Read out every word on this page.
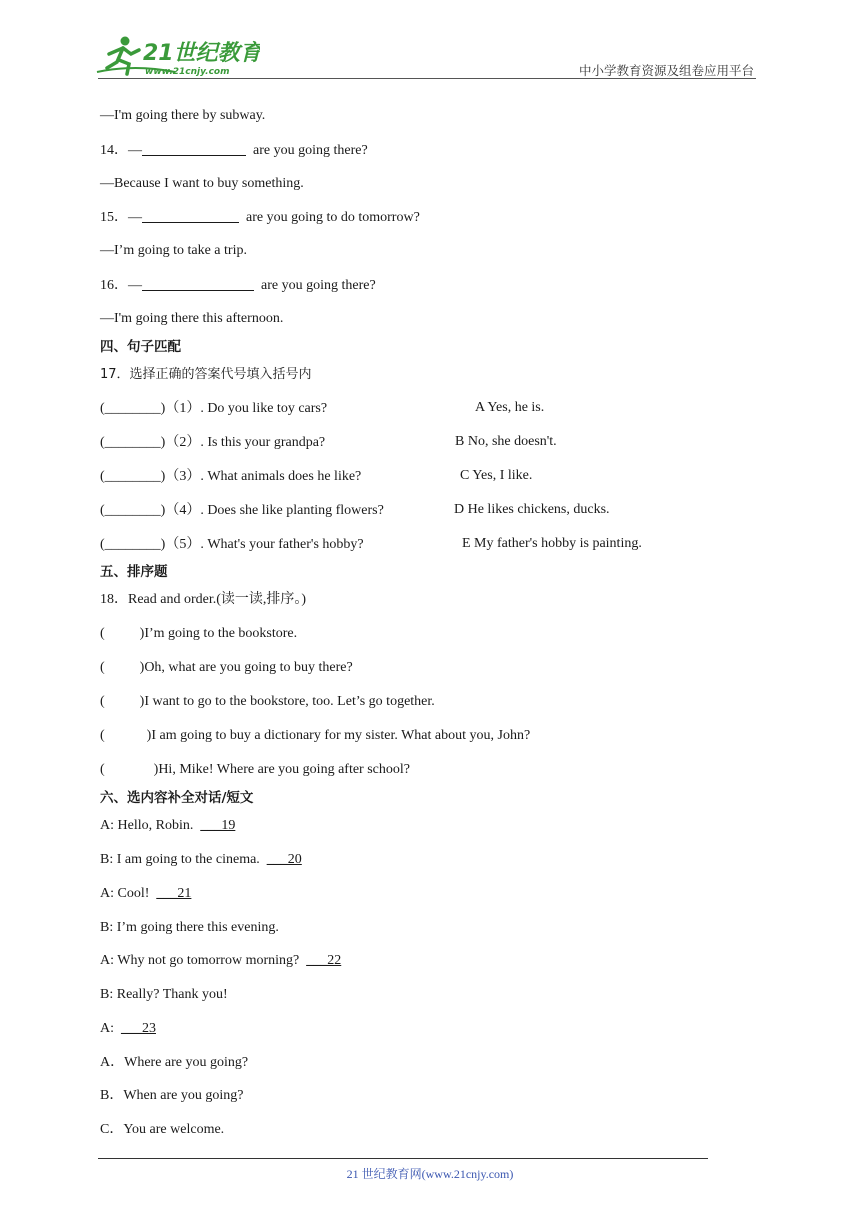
21世纪教育
www.21cnjy.com	中小学教育资源及组卷应用平台
—I'm going there by subway.
14．—	are you going there?
—Because I want to buy something.
15．—	are you going to do tomorrow?
—I’m going to take a trip.
16．—	are you going there?
—I'm going there this afternoon.
四、句子匹配
17．选择正确的答案代号填入括号内
(________)（1）. Do you like toy cars?	A Yes, he is.
(________)（2）. Is this your grandpa?	B No, she doesn't.
(________)（3）. What animals does he like?	C Yes, I like.
(________)（4）. Does she like planting flowers?	D He likes chickens, ducks.
(________)（5）. What's your father's hobby?	E My father's hobby is painting.
五、排序题
18．Read and order.(读一读,排序。)
(          )I’m going to the bookstore.
(          )Oh, what are you going to buy there?
(          )I want to go to the bookstore, too. Let’s go together.
(            )I am going to buy a dictionary for my sister. What about you, John?
(              )Hi, Mike! Where are you going after school?
六、选内容补全对话/短文
A: Hello, Robin.  ___19
B: I am going to the cinema.  ___20
A: Cool!  ___21
B: I’m going there this evening.
A: Why not go tomorrow morning?  ___22
B: Really? Thank you!
A:  ___23
A．Where are you going?
B．When are you going?
C．You are welcome.
21 世纪教育网(www.21cnjy.com)
